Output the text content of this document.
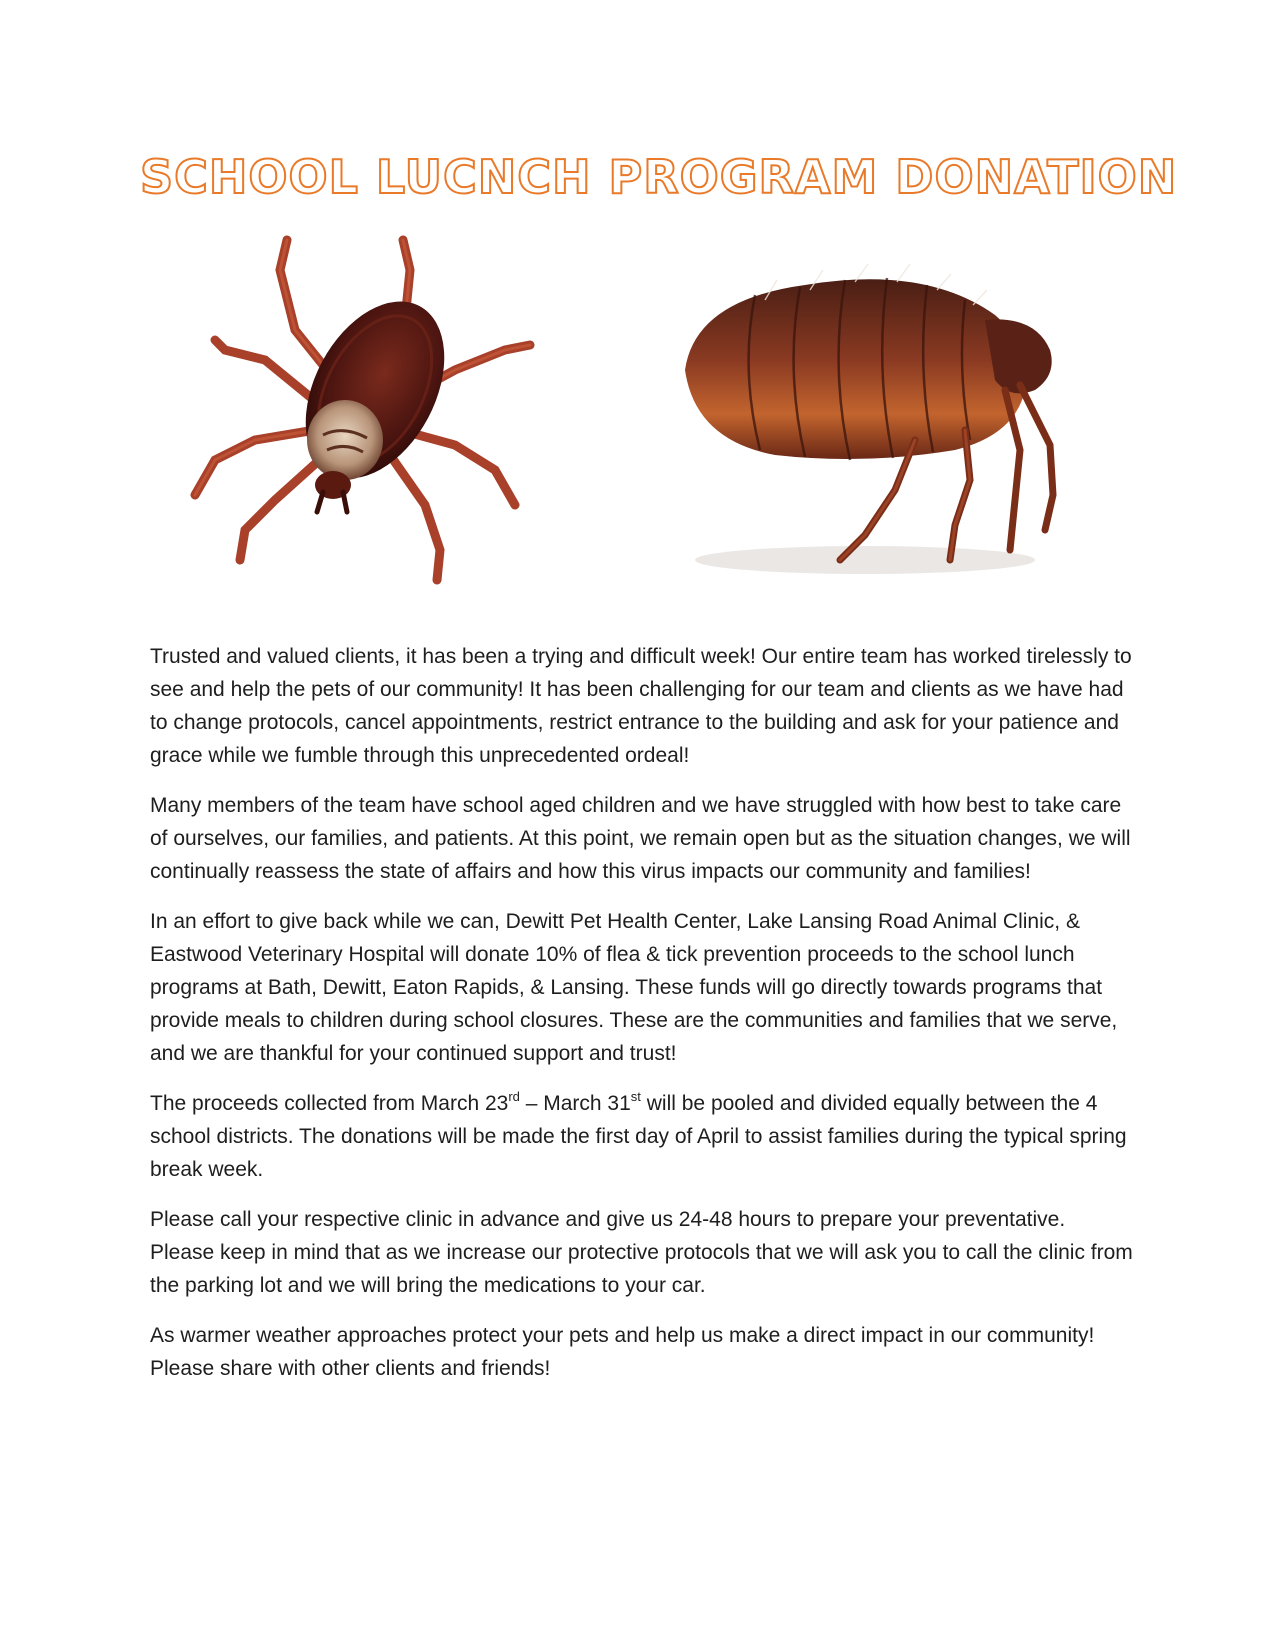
SCHOOL LUCNCH PROGRAM DONATION

Trusted and valued clients, it has been a trying and difficult week! Our entire team has worked tirelessly to see and help the pets of our community! It has been challenging for our team and clients as we have had to change protocols, cancel appointments, restrict entrance to the building and ask for your patience and grace while we fumble through this unprecedented ordeal!

Many members of the team have school aged children and we have struggled with how best to take care of ourselves, our families, and patients. At this point, we remain open but as the situation changes, we will continually reassess the state of affairs and how this virus impacts our community and families!

In an effort to give back while we can, Dewitt Pet Health Center, Lake Lansing Road Animal Clinic, & Eastwood Veterinary Hospital will donate 10% of flea & tick prevention proceeds to the school lunch programs at Bath, Dewitt, Eaton Rapids, & Lansing. These funds will go directly towards programs that provide meals to children during school closures. These are the communities and families that we serve, and we are thankful for your continued support and trust!

The proceeds collected from March 23rd – March 31st will be pooled and divided equally between the 4 school districts. The donations will be made the first day of April to assist families during the typical spring break week.

Please call your respective clinic in advance and give us 24-48 hours to prepare your preventative. Please keep in mind that as we increase our protective protocols that we will ask you to call the clinic from the parking lot and we will bring the medications to your car.

As warmer weather approaches protect your pets and help us make a direct impact in our community! Please share with other clients and friends!
